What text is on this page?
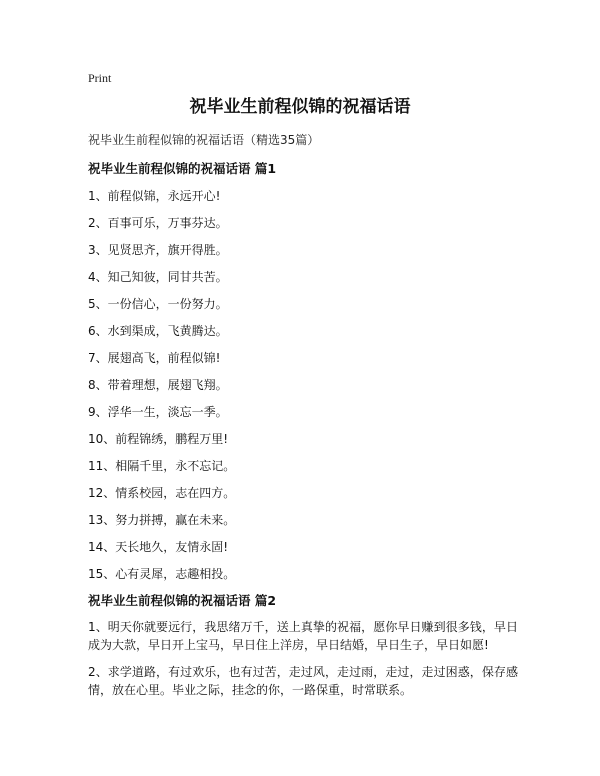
Print
祝毕业生前程似锦的祝福话语
祝毕业生前程似锦的祝福话语（精选35篇）
祝毕业生前程似锦的祝福话语 篇1
1、前程似锦，永远开心!
2、百事可乐，万事芬达。
3、见贤思齐，旗开得胜。
4、知己知彼，同甘共苦。
5、一份信心，一份努力。
6、水到渠成，飞黄腾达。
7、展翅高飞，前程似锦!
8、带着理想，展翅飞翔。
9、浮华一生，淡忘一季。
10、前程锦绣，鹏程万里!
11、相隔千里，永不忘记。
12、情系校园，志在四方。
13、努力拼搏，赢在未来。
14、天长地久，友情永固!
15、心有灵犀，志趣相投。
祝毕业生前程似锦的祝福话语 篇2
1、明天你就要远行，我思绪万千，送上真挚的祝福，愿你早日赚到很多钱，早日成为大款，早日开上宝马，早日住上洋房，早日结婚，早日生子，早日如愿!
2、求学道路，有过欢乐，也有过苦，走过风，走过雨，走过，走过困惑，保存感情，放在心里。毕业之际，挂念的你，一路保重，时常联系。
